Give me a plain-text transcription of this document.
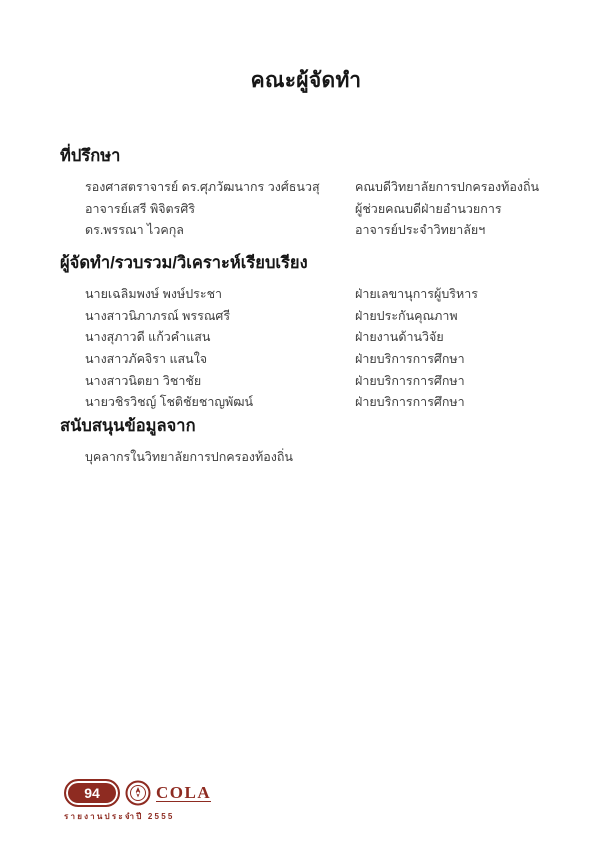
คณะผู้จัดทำ
ที่ปรึกษา
รองศาสตราจารย์ ดร.ศุภวัฒนากร วงศ์ธนวสุ	คณบดีวิทยาลัยการปกครองท้องถิ่น
อาจารย์เสรี พิจิตรศิริ	ผู้ช่วยคณบดีฝ่ายอำนวยการ
ดร.พรรณา ไวคกุล	อาจารย์ประจำวิทยาลัยฯ
ผู้จัดทำ/รวบรวม/วิเคราะห์เรียบเรียง
นายเฉลิมพงษ์ พงษ์ประชา	ฝ่ายเลขานุการผู้บริหาร
นางสาวนิภาภรณ์ พรรณศรี	ฝ่ายประกันคุณภาพ
นางสุภาวดี แก้วคำแสน	ฝ่ายงานด้านวิจัย
นางสาวภัคจิรา แสนใจ	ฝ่ายบริการการศึกษา
นางสาวนิตยา วิชาชัย	ฝ่ายบริการการศึกษา
นายวชิรวิชญ์ โชติชัยชาญพัฒน์	ฝ่ายบริการการศึกษา
สนับสนุนข้อมูลจาก
บุคลากรในวิทยาลัยการปกครองท้องถิ่น
94	COLA
รายงานประจำปี 2555
